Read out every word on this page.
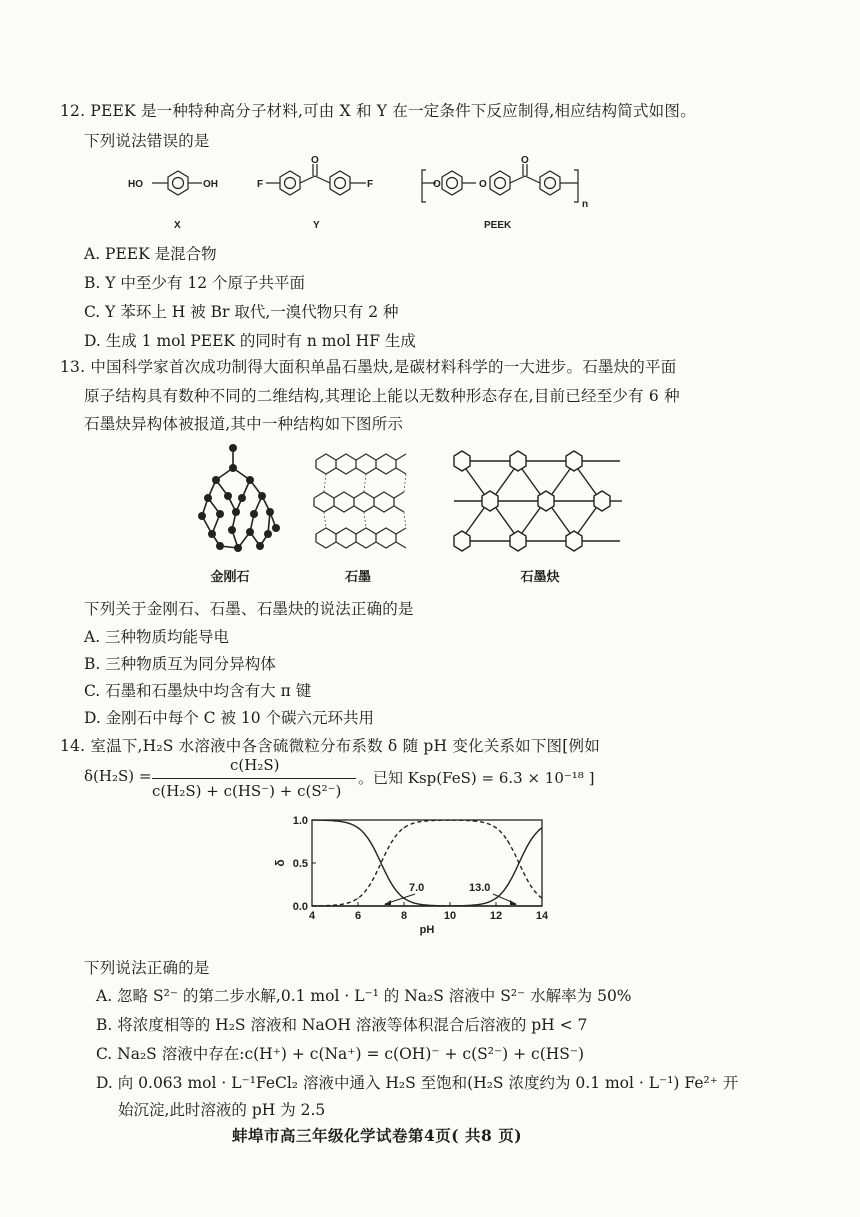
12. PEEK 是一种特种高分子材料,可由 X 和 Y 在一定条件下反应制得,相应结构简式如图。
下列说法错误的是
HO	OH	F	F
O
O	O
O
n
X	Y	PEEK
A. PEEK 是混合物
B. Y 中至少有 12 个原子共平面
C. Y 苯环上 H 被 Br 取代,一溴代物只有 2 种
D. 生成 1 mol PEEK 的同时有 n mol HF 生成
13. 中国科学家首次成功制得大面积单晶石墨炔,是碳材料科学的一大进步。石墨炔的平面
原子结构具有数种不同的二维结构,其理论上能以无数种形态存在,目前已经至少有 6 种
石墨炔异构体被报道,其中一种结构如下图所示
金刚石	石墨	石墨炔
下列关于金刚石、石墨、石墨炔的说法正确的是
A. 三种物质均能导电
B. 三种物质互为同分异构体
C. 石墨和石墨炔中均含有大 π 键
D. 金刚石中每个 C 被 10 个碳六元环共用
14. 室温下,H₂S 水溶液中各含硫微粒分布系数 δ 随 pH 变化关系如下图[例如
δ(H₂S) =
c(H₂S)
c(H₂S) + c(HS⁻) + c(S²⁻)
。已知 Ksp(FeS) = 6.3 × 10⁻¹⁸ ]
4	6	8	10	12	14
0.0
0.5
1.0
pH
δ
7.0	13.0
下列说法正确的是
A. 忽略 S²⁻ 的第二步水解,0.1 mol · L⁻¹ 的 Na₂S 溶液中 S²⁻ 水解率为 50%
B. 将浓度相等的 H₂S 溶液和 NaOH 溶液等体积混合后溶液的 pH < 7
C. Na₂S 溶液中存在:c(H⁺) + c(Na⁺) = c(OH)⁻ + c(S²⁻) + c(HS⁻)
D. 向 0.063 mol · L⁻¹FeCl₂ 溶液中通入 H₂S 至饱和(H₂S 浓度约为 0.1 mol · L⁻¹) Fe²⁺ 开
始沉淀,此时溶液的 pH 为 2.5
蚌埠市高三年级化学试卷第4页( 共8 页)
